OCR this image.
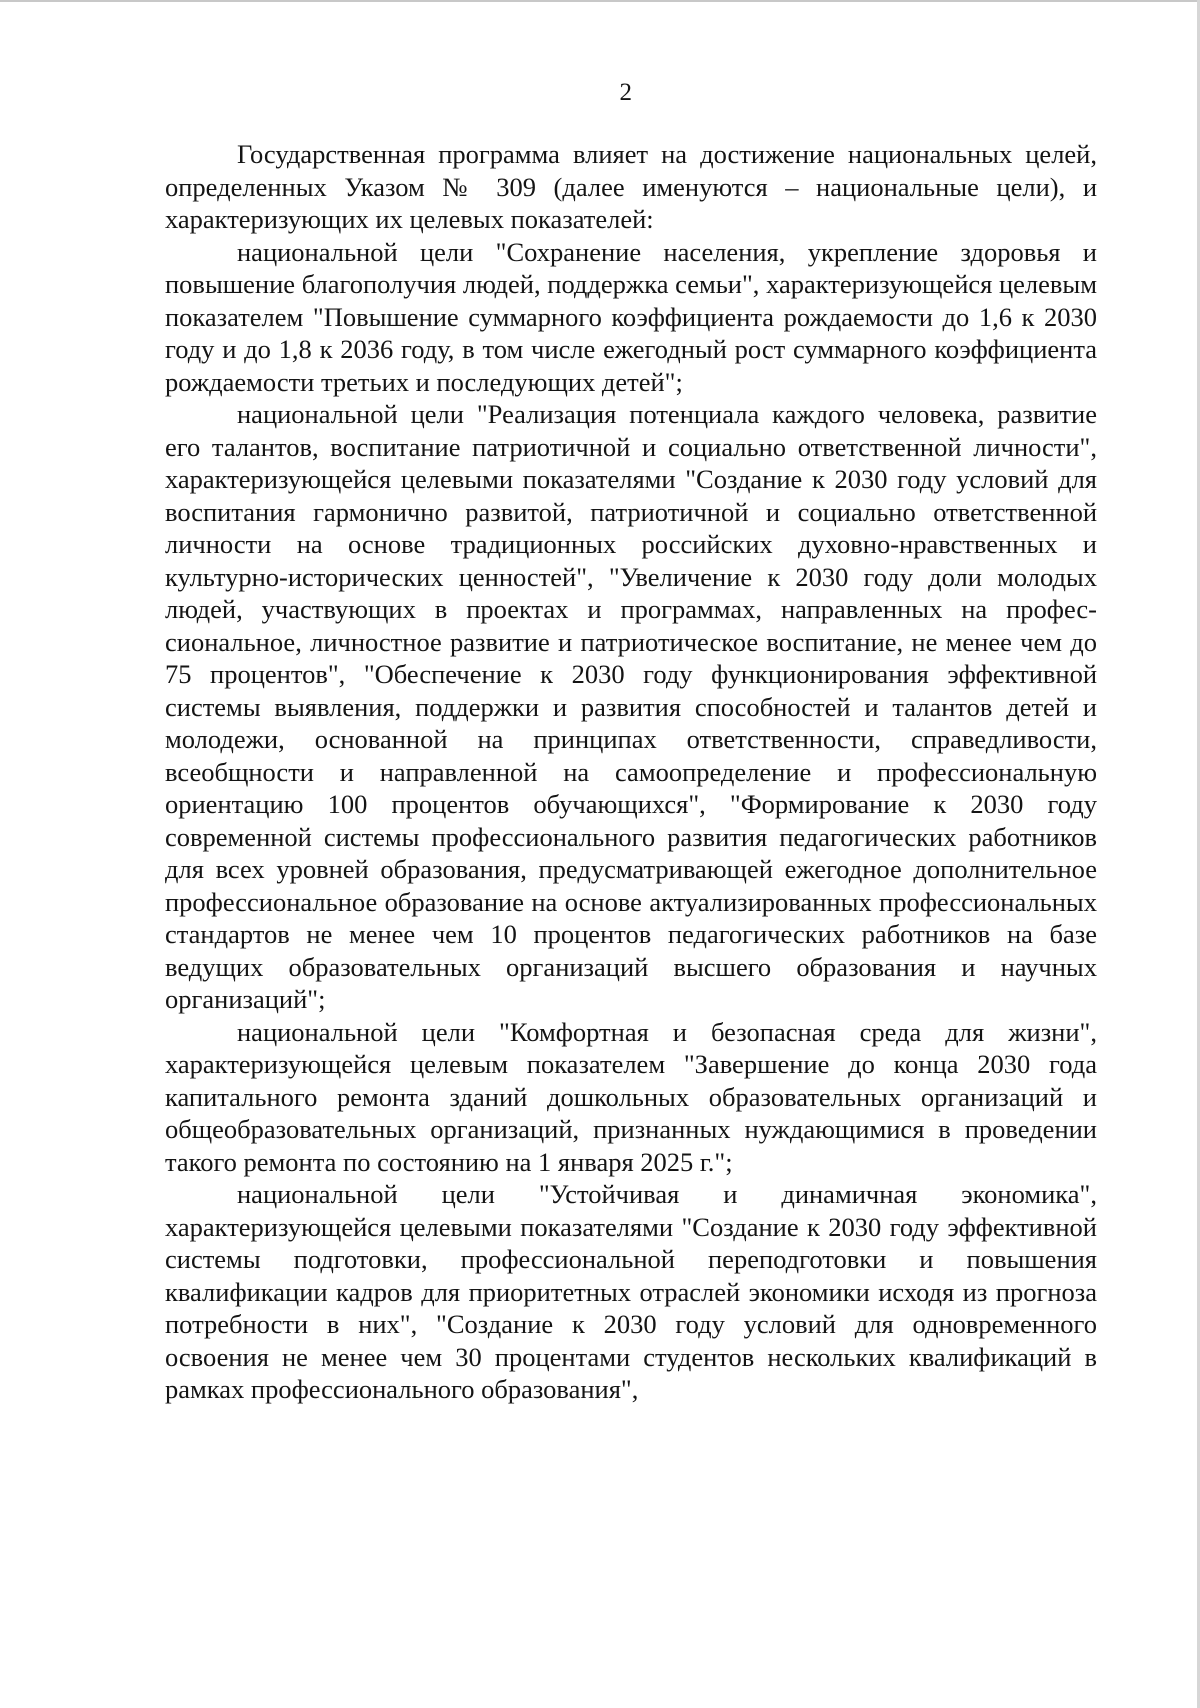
2

Государственная программа влияет на достижение национальных целей, определенных Указом № 309 (далее именуются – национальные цели), и характеризующих их целевых показателей:

национальной цели "Сохранение населения, укрепление здоровья и повышение благополучия людей, поддержка семьи", характеризующейся целевым показателем "Повышение суммарного коэффициента рождаемости до 1,6 к 2030 году и до 1,8 к 2036 году, в том числе ежегодный рост суммарного коэффициента рождаемости третьих и последующих детей";

национальной цели "Реализация потенциала каждого человека, развитие его талантов, воспитание патриотичной и социально ответственной личности", характеризующейся целевыми показателями "Создание к 2030 году условий для воспитания гармонично развитой, патриотичной и социально ответственной личности на основе традиционных российских духовно-нравственных и культурно-исторических ценностей", "Увеличение к 2030 году доли молодых людей, участвующих в проектах и программах, направленных на профессиональное, личностное развитие и патриотическое воспитание, не менее чем до 75 процентов", "Обеспечение к 2030 году функционирования эффективной системы выявления, поддержки и развития способностей и талантов детей и молодежи, основанной на принципах ответственности, справедливости, всеобщности и направленной на самоопределение и профессиональную ориентацию 100 процентов обучающихся", "Формирование к 2030 году современной системы профессионального развития педагогических работников для всех уровней образования, предусматривающей ежегодное дополнительное профессиональное образование на основе актуализированных профессиональных стандартов не менее чем 10 процентов педагогических работников на базе ведущих образовательных организаций высшего образования и научных организаций";

национальной цели "Комфортная и безопасная среда для жизни", характеризующейся целевым показателем "Завершение до конца 2030 года капитального ремонта зданий дошкольных образовательных организаций и общеобразовательных организаций, признанных нуждающимися в проведении такого ремонта по состоянию на 1 января 2025 г.";

национальной цели "Устойчивая и динамичная экономика", характеризующейся целевыми показателями "Создание к 2030 году эффективной системы подготовки, профессиональной переподготовки и повышения квалификации кадров для приоритетных отраслей экономики исходя из прогноза потребности в них", "Создание к 2030 году условий для одновременного освоения не менее чем 30 процентами студентов нескольких квалификаций в рамках профессионального образования",
